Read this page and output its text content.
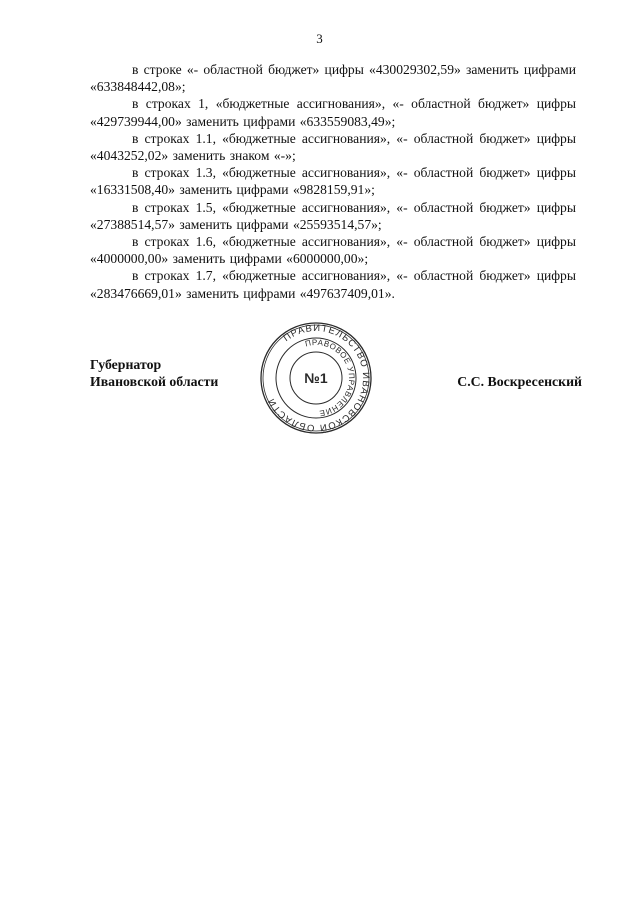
3

в строке «- областной бюджет» цифры «430029302,59» заменить цифрами «633848442,08»;

в строках 1, «бюджетные ассигнования», «- областной бюджет» цифры «429739944,00» заменить цифрами «633559083,49»;

в строках 1.1, «бюджетные ассигнования», «- областной бюджет» цифры «4043252,02» заменить знаком «-»;

в строках 1.3, «бюджетные ассигнования», «- областной бюджет» цифры «16331508,40» заменить цифрами «9828159,91»;

в строках 1.5, «бюджетные ассигнования», «- областной бюджет» цифры «27388514,57» заменить цифрами «25593514,57»;

в строках 1.6, «бюджетные ассигнования», «- областной бюджет» цифры «4000000,00» заменить цифрами «6000000,00»;

в строках 1.7, «бюджетные ассигнования», «- областной бюджет» цифры «283476669,01» заменить цифрами «497637409,01».

Губернатор
Ивановской области
ПРАВИТЕЛЬСТВО ИВАНОВСКОЙ ОБЛАСТИ
ПРАВОВОЕ УПРАВЛЕНИЕ
№1	С.С. Воскресенский
